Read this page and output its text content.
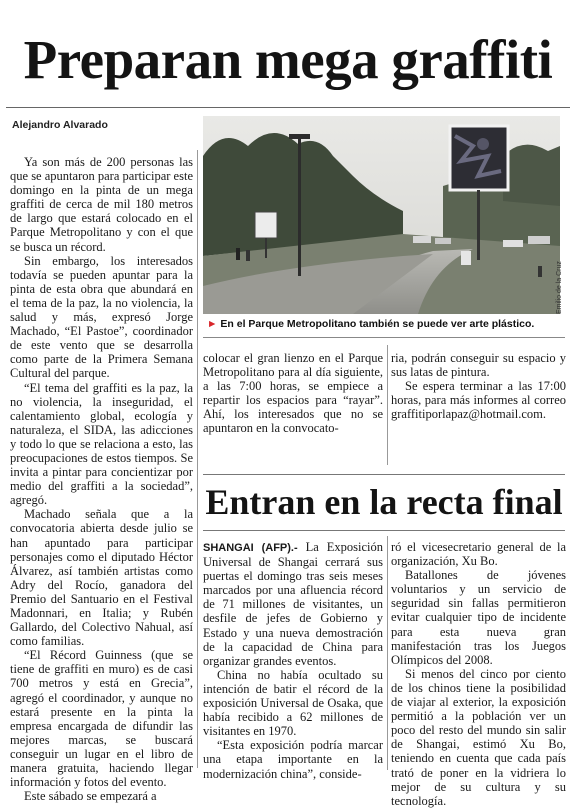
Preparan mega graffiti
Alejandro Alvarado

Ya son más de 200 personas las que se apuntaron para participar este domingo en la pinta de un mega graffiti de cerca de mil 180 metros de largo que estará colocado en el Parque Metropolitano y con el que se busca un récord.

Sin embargo, los interesados todavía se pueden apuntar para la pinta de esta obra que abundará en el tema de la paz, la no violencia, la salud y más, expresó Jorge Machado, “El Pastoe”, coordinador de este vento que se desarrolla como parte de la Primera Semana Cultural del parque.

“El tema del graffiti es la paz, la no violencia, la inseguridad, el calentamiento global, ecología y naturaleza, el SIDA, las adicciones y todo lo que se relaciona a esto, las preocupaciones de estos tiempos. Se invita a pintar para concientizar por medio del graffiti a la sociedad”, agregó.

Machado señala que a la convocatoria abierta desde julio se han apuntado para participar personajes como el diputado Héctor Álvarez, así también artistas como Adry del Rocío, ganadora del Premio del Santuario en el Festival Madonnari, en Italia; y Rubén Gallardo, del Colectivo Nahual, así como familias.

“El Récord Guinness (que se tiene de graffiti en muro) es de casi 700 metros y está en Grecia”, agregó el coordinador, y aunque no estará presente en la pinta la empresa encargada de difundir las mejores marcas, se buscará conseguir un lugar en el libro de manera gratuita, haciendo llegar información y fotos del evento.

Este sábado se empezará a

Emilio de la Cruz
► En el Parque Metropolitano también se puede ver arte plástico.

colocar el gran lienzo en el Parque Metropolitano para al día siguiente, a las 7:00 horas, se empiece a repartir los espacios para “rayar”. Ahí, los interesados que no se apuntaron en la convocato-

ria, podrán conseguir su espacio y sus latas de pintura.

Se espera terminar a las 17:00 horas, para más informes al correo graffitiporlapaz@hotmail.com.

Entran en la recta final

SHANGAI (AFP).- La Exposición Universal de Shangai cerrará sus puertas el domingo tras seis meses marcados por una afluencia récord de 71 millones de visitantes, un desfile de jefes de Gobierno y Estado y una nueva demostración de la capacidad de China para organizar grandes eventos.

China no había ocultado su intención de batir el récord de la exposición Universal de Osaka, que había recibido a 62 millones de visitantes en 1970.

“Esta exposición podría marcar una etapa importante en la modernización china”, conside-

ró el vicesecretario general de la organización, Xu Bo.

Batallones de jóvenes voluntarios y un servicio de seguridad sin fallas permitieron evitar cualquier tipo de incidente para esta nueva gran manifestación tras los Juegos Olímpicos del 2008.

Si menos del cinco por ciento de los chinos tiene la posibilidad de viajar al exterior, la exposición permitió a la población ver un poco del resto del mundo sin salir de Shangai, estimó Xu Bo, teniendo en cuenta que cada país trató de poner en la vidriera lo mejor de su cultura y su tecnología.
